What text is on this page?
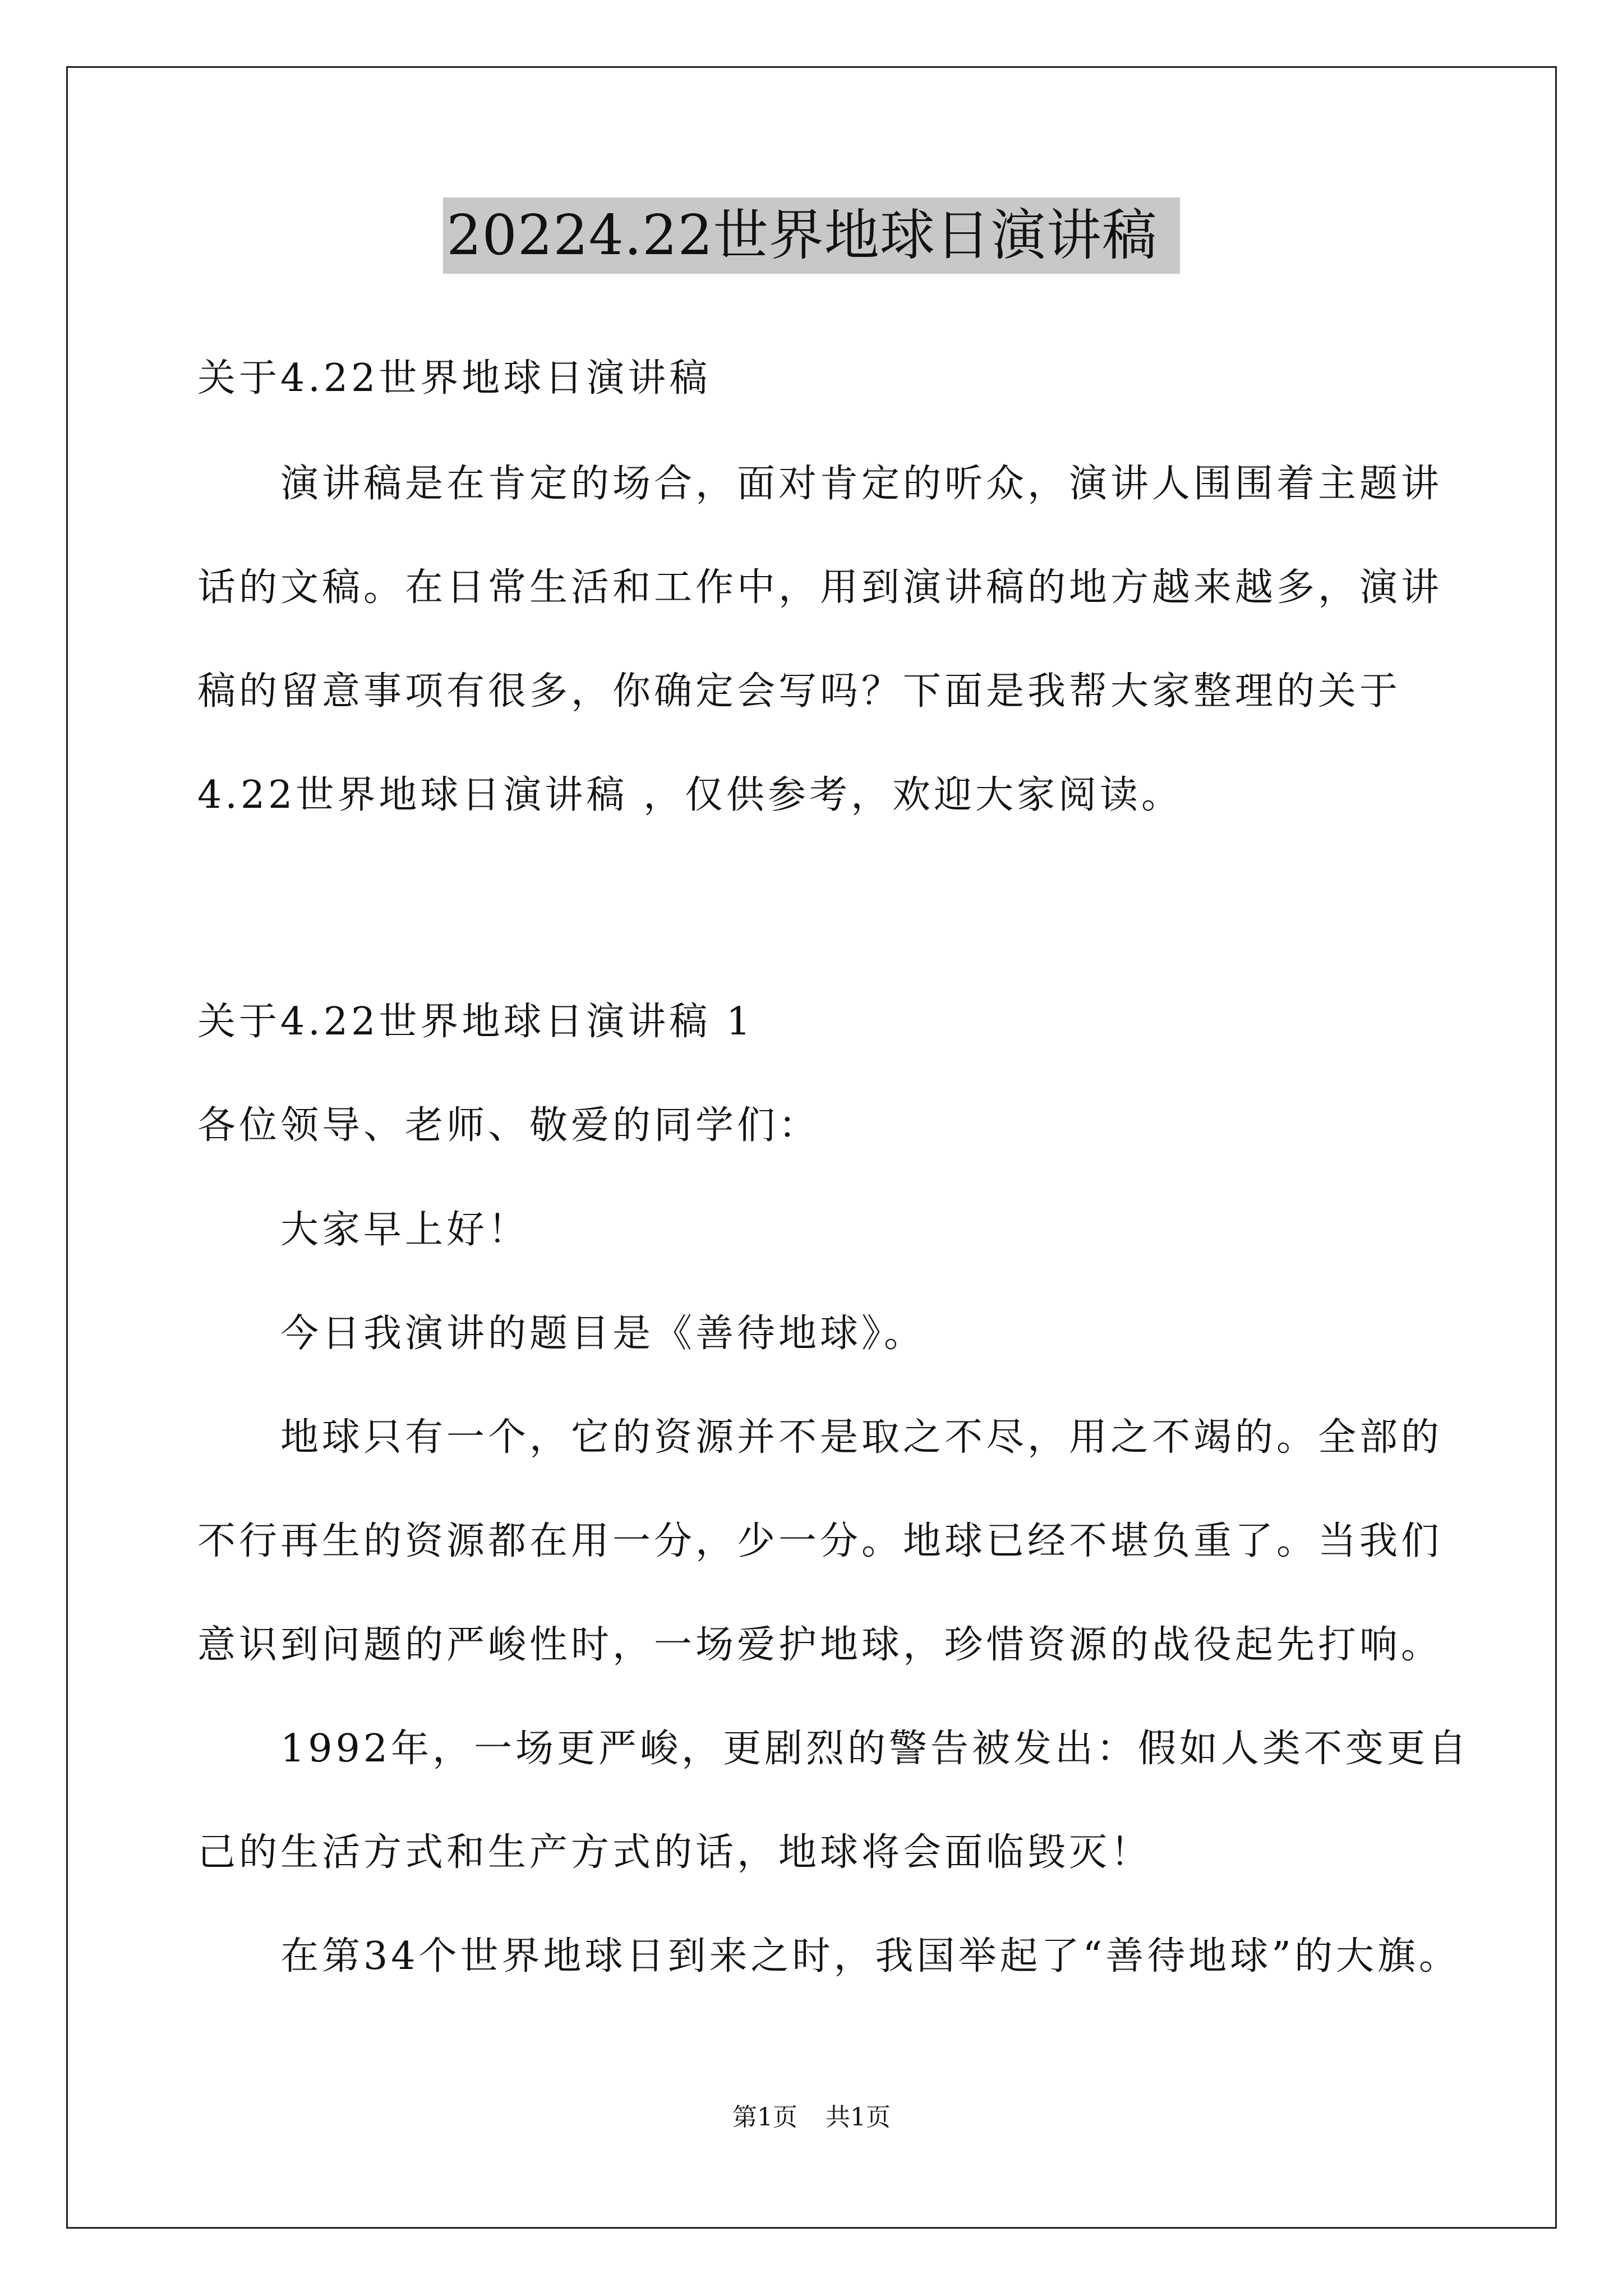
20224.22世界地球日演讲稿
关于4.22世界地球日演讲稿
演讲稿是在肯定的场合，面对肯定的听众，演讲人围围着主题讲
话的文稿。在日常生活和工作中，用到演讲稿的地方越来越多，演讲
稿的留意事项有很多，你确定会写吗？下面是我帮大家整理的关于
4.22世界地球日演讲稿 ，仅供参考，欢迎大家阅读。
关于4.22世界地球日演讲稿 1
各位领导、老师、敬爱的同学们：
大家早上好！
今日我演讲的题目是《善待地球》。
地球只有一个，它的资源并不是取之不尽，用之不竭的。全部的
不行再生的资源都在用一分，少一分。地球已经不堪负重了。当我们
意识到问题的严峻性时，一场爱护地球，珍惜资源的战役起先打响。
1992年，一场更严峻，更剧烈的警告被发出：假如人类不变更自
己的生活方式和生产方式的话，地球将会面临毁灭！
在第34个世界地球日到来之时，我国举起了“善待地球”的大旗。
第1页 共1页
